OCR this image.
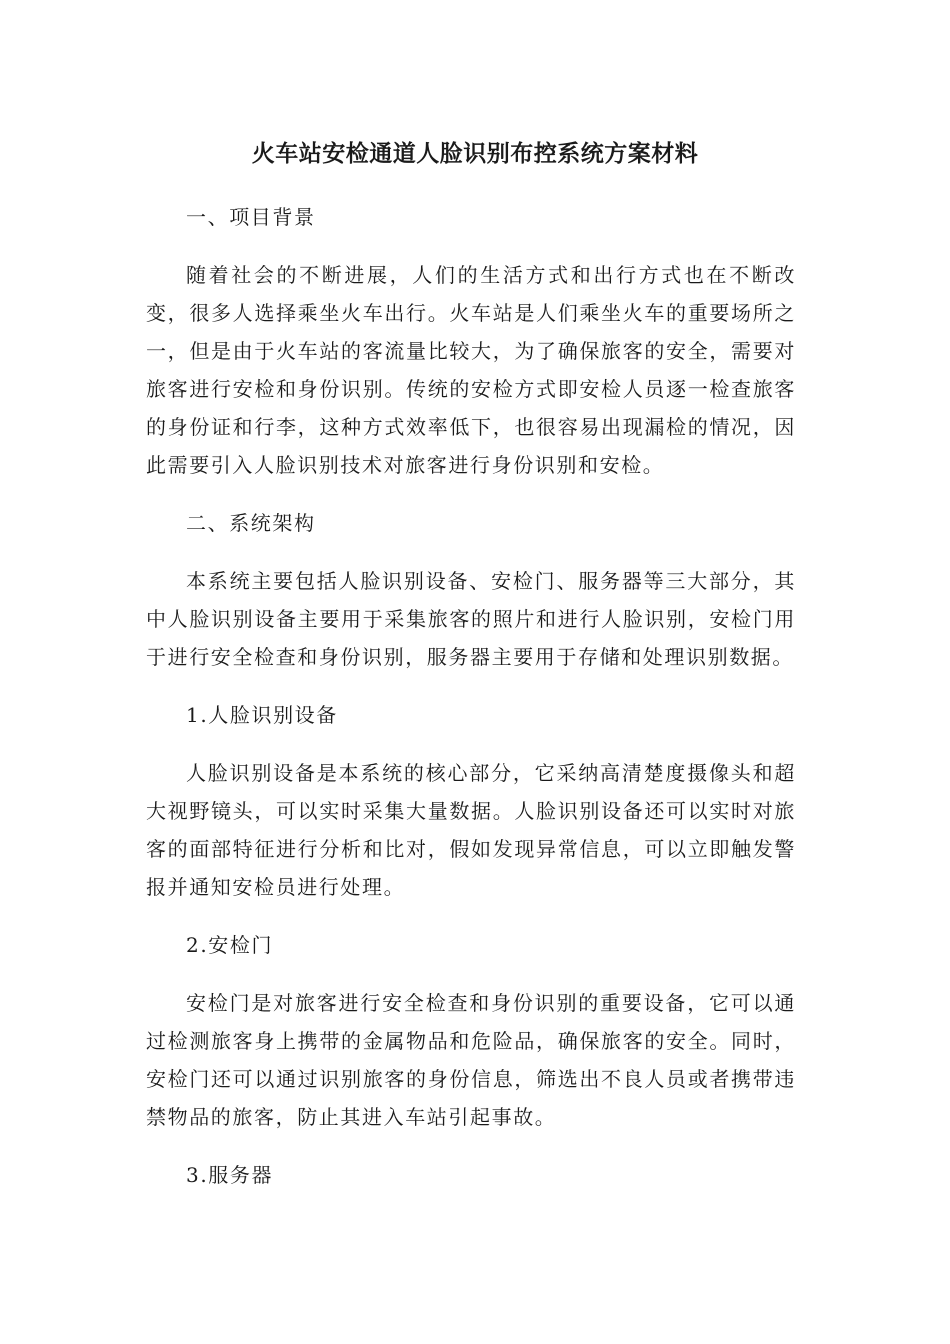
火车站安检通道人脸识别布控系统方案材料

一、项目背景

随着社会的不断进展，人们的生活方式和出行方式也在不断改变，很多人选择乘坐火车出行。火车站是人们乘坐火车的重要场所之一，但是由于火车站的客流量比较大，为了确保旅客的安全，需要对旅客进行安检和身份识别。传统的安检方式即安检人员逐一检查旅客的身份证和行李，这种方式效率低下，也很容易出现漏检的情况，因此需要引入人脸识别技术对旅客进行身份识别和安检。

二、系统架构

本系统主要包括人脸识别设备、安检门、服务器等三大部分，其中人脸识别设备主要用于采集旅客的照片和进行人脸识别，安检门用于进行安全检查和身份识别，服务器主要用于存储和处理识别数据。

1.人脸识别设备

人脸识别设备是本系统的核心部分，它采纳高清楚度摄像头和超大视野镜头，可以实时采集大量数据。人脸识别设备还可以实时对旅客的面部特征进行分析和比对，假如发现异常信息，可以立即触发警报并通知安检员进行处理。

2.安检门

安检门是对旅客进行安全检查和身份识别的重要设备，它可以通过检测旅客身上携带的金属物品和危险品，确保旅客的安全。同时，安检门还可以通过识别旅客的身份信息，筛选出不良人员或者携带违禁物品的旅客，防止其进入车站引起事故。

3.服务器
